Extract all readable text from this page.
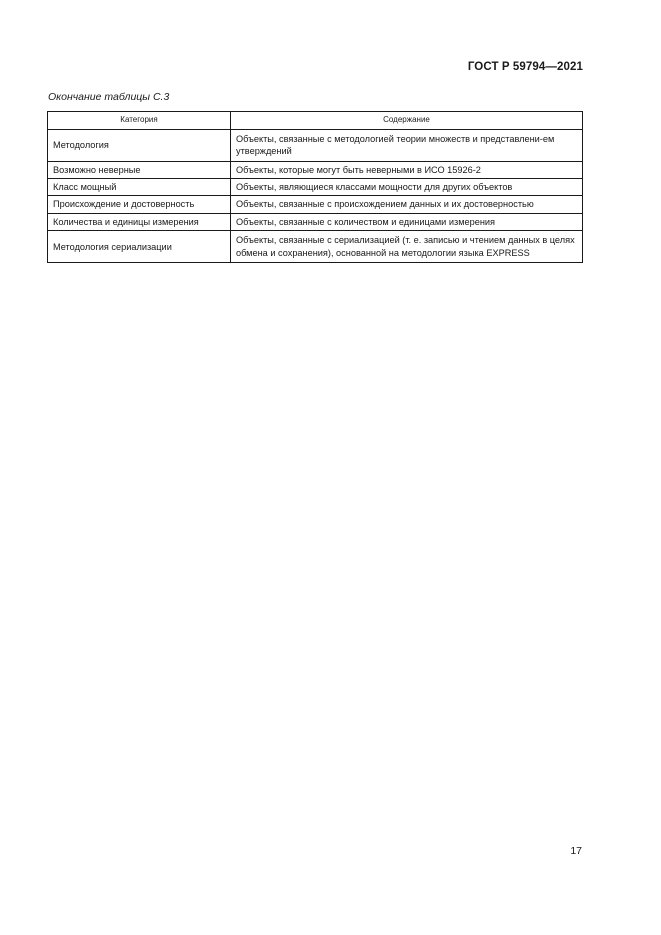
ГОСТ Р 59794—2021
Окончание таблицы С.3
Категория	Содержание
Методология	Объекты, связанные с методологией теории множеств и представлени-ем утверждений
Возможно неверные	Объекты, которые могут быть неверными в ИСО 15926-2
Класс мощный	Объекты, являющиеся классами мощности для других объектов
Происхождение и достоверность	Объекты, связанные с происхождением данных и их достоверностью
Количества и единицы измерения	Объекты, связанные с количеством и единицами измерения
Методология сериализации	Объекты, связанные с сериализацией (т. е. записью и чтением данных в целях обмена и сохранения), основанной на методологии языка EXPRESS
17
